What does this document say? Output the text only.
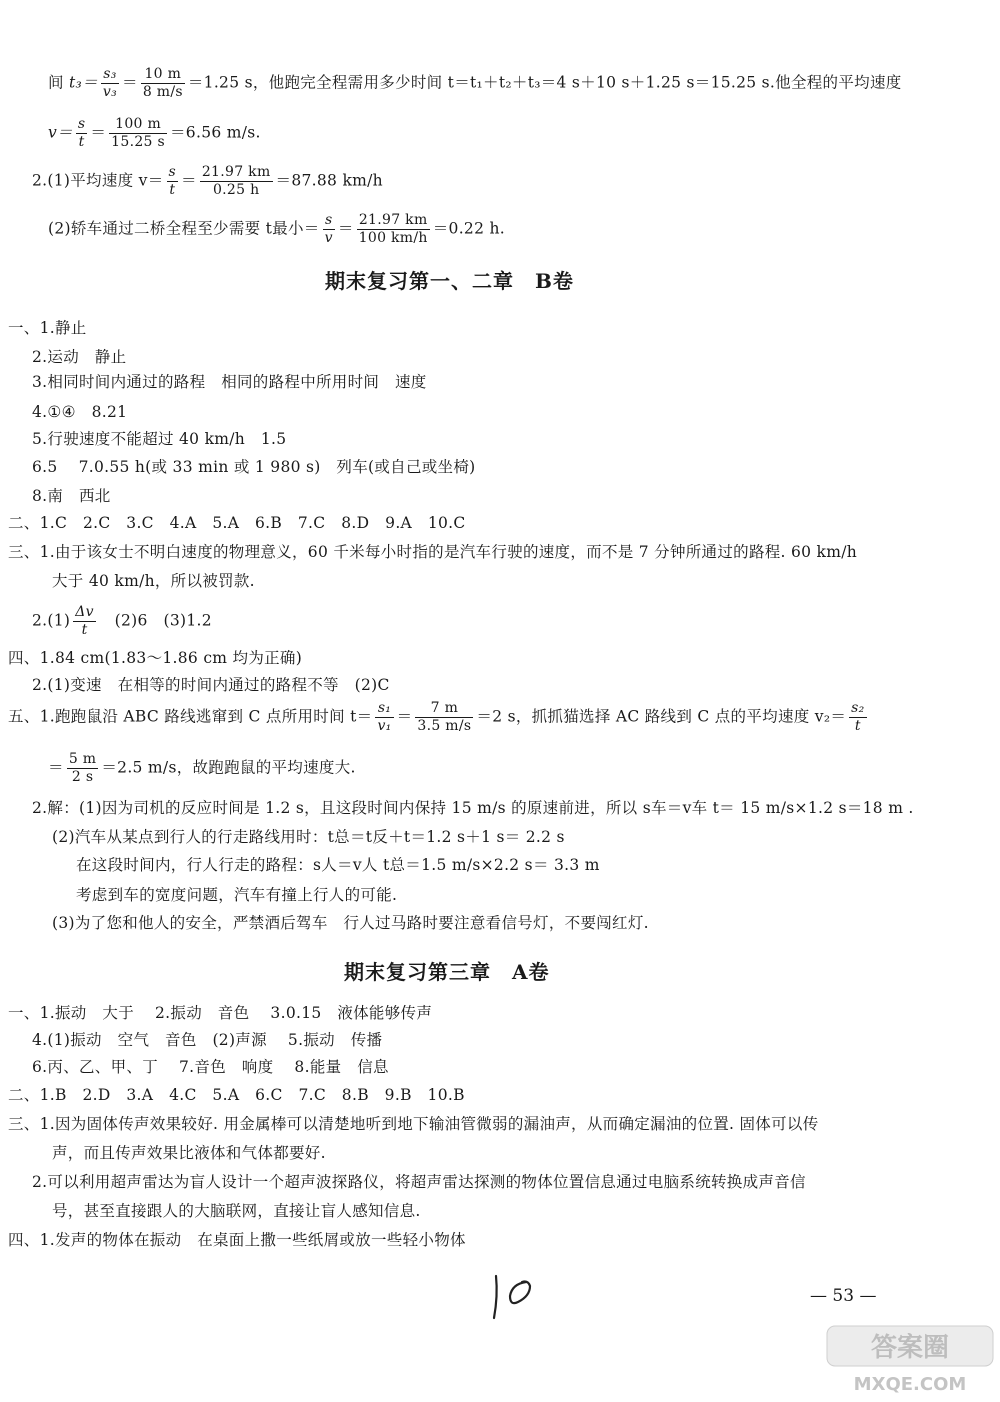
间 $t_3= \frac{\text{s₃}}{\text{v₃}} = \frac{10 m}{8 m/s} =1.25$ s，他跑完全程需用多少时间 t＝t₁＋t₂＋t₃＝4 s＋10 s＋1.25 s＝15.25 s.他全程的平均速度
$v= \frac{s}{t} = \frac{100 m}{15.25 s} =6.56$ m/s.
2.(1)平均速度 $v= \frac{s}{t} = \frac{21.97 km}{0.25 h} =87.88$ km/h
(2)轿车通过二桥全程至少需要 t最小＝ $\frac{s}{v} = \frac{21.97 km}{100 km/h} =0.22$ h.
期末复习第一、二章　B卷
一、1.静止
2.运动　静止
3.相同时间内通过的路程　相同的路程中所用时间　速度
4.①④　8.21
5.行驶速度不能超过 40 km/h　1.5
6.5　 7.0.55 h(或 33 min 或 1 980 s)　列车(或自己或坐椅)
8.南　西北
二、1.C　2.C　3.C　4.A　5.A　6.B　7.C　8.D　9.A　10.C
三、1.由于该女士不明白速度的物理意义，60 千米每小时指的是汽车行驶的速度，而不是 7 分钟所通过的路程. 60 km/h
大于 40 km/h，所以被罚款.
$2.(1) \frac{\Delta v}{t}$ 　(2)6　(3)1.2
四、1.84 cm(1.83～1.86 cm 均为正确)
2.(1)变速　在相等的时间内通过的路程不等　(2)C
五、1.跑跑鼠沿 ABC 路线逃窜到 C 点所用时间 $t= \frac{\text{s₁}}{\text{v₁}} = \frac{7 m}{3.5 m/s} =2$ s，抓抓猫选择 AC 路线到 C 点的平均速度 $v_2= \frac{\text{s₂}}{t}$
＝ $\frac{5 m}{2 s} =2.5$ m/s，故跑跑鼠的平均速度大.
2.解：(1)因为司机的反应时间是 1.2 s，且这段时间内保持 15 m/s 的原速前进，所以 s车＝v车 t＝ 15 m/s×1.2 s＝18 m .
(2)汽车从某点到行人的行走路线用时：t总＝t反＋t＝1.2 s＋1 s＝ 2.2 s
在这段时间内，行人行走的路程：s人＝v人 t总＝1.5 m/s×2.2 s＝ 3.3 m
考虑到车的宽度问题，汽车有撞上行人的可能.
(3)为了您和他人的安全，严禁酒后驾车　行人过马路时要注意看信号灯，不要闯红灯.
期末复习第三章　A卷
一、1.振动　大于　 2.振动　音色　 3.0.15　液体能够传声
4.(1)振动　空气　音色　(2)声源　 5.振动　传播
6.丙、乙、甲、丁　 7.音色　响度　 8.能量　信息
二、1.B　2.D　3.A　4.C　5.A　6.C　7.C　8.B　9.B　10.B
三、1.因为固体传声效果较好. 用金属棒可以清楚地听到地下输油管微弱的漏油声，从而确定漏油的位置. 固体可以传
声，而且传声效果比液体和气体都要好.
2.可以利用超声雷达为盲人设计一个超声波探路仪，将超声雷达探测的物体位置信息通过电脑系统转换成声音信
号，甚至直接跟人的大脑联网，直接让盲人感知信息.
四、1.发声的物体在振动　在桌面上撒一些纸屑或放一些轻小物体
— 53 —
答案圈
MXQE.COM
